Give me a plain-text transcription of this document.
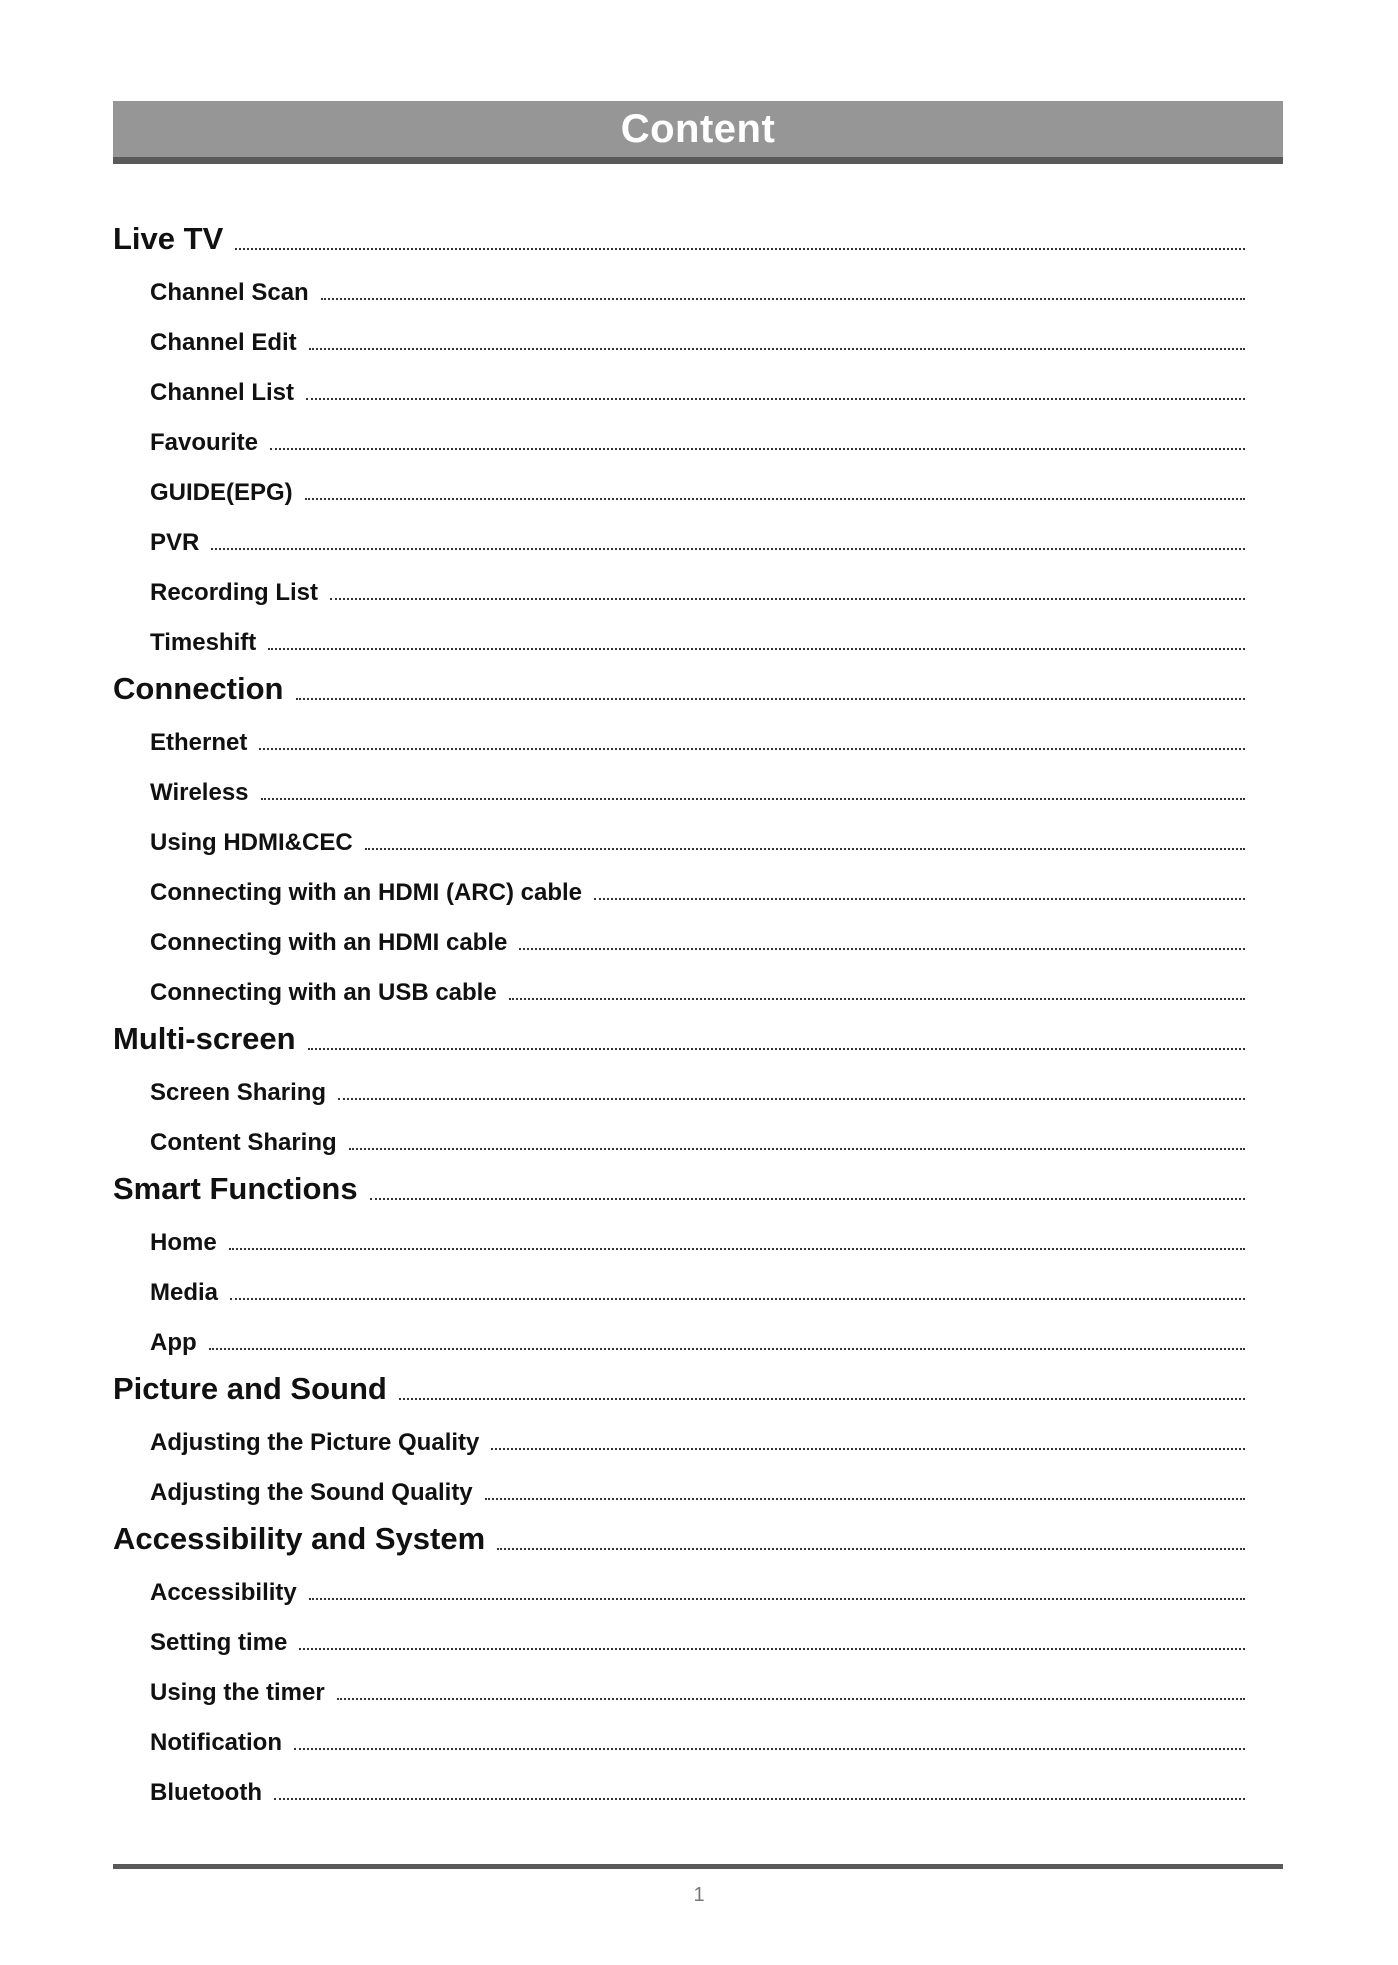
Content
Live TV
Channel Scan
Channel Edit
Channel List
Favourite
GUIDE(EPG)
PVR
Recording List
Timeshift
Connection
Ethernet
Wireless
Using HDMI&CEC
Connecting with an HDMI (ARC) cable
Connecting with an HDMI cable
Connecting with an USB cable
Multi-screen
Screen Sharing
Content Sharing
Smart Functions
Home
Media
App
Picture and Sound
Adjusting the Picture Quality
Adjusting the Sound Quality
Accessibility and System
Accessibility
Setting time
Using the timer
Notification
Bluetooth
1
